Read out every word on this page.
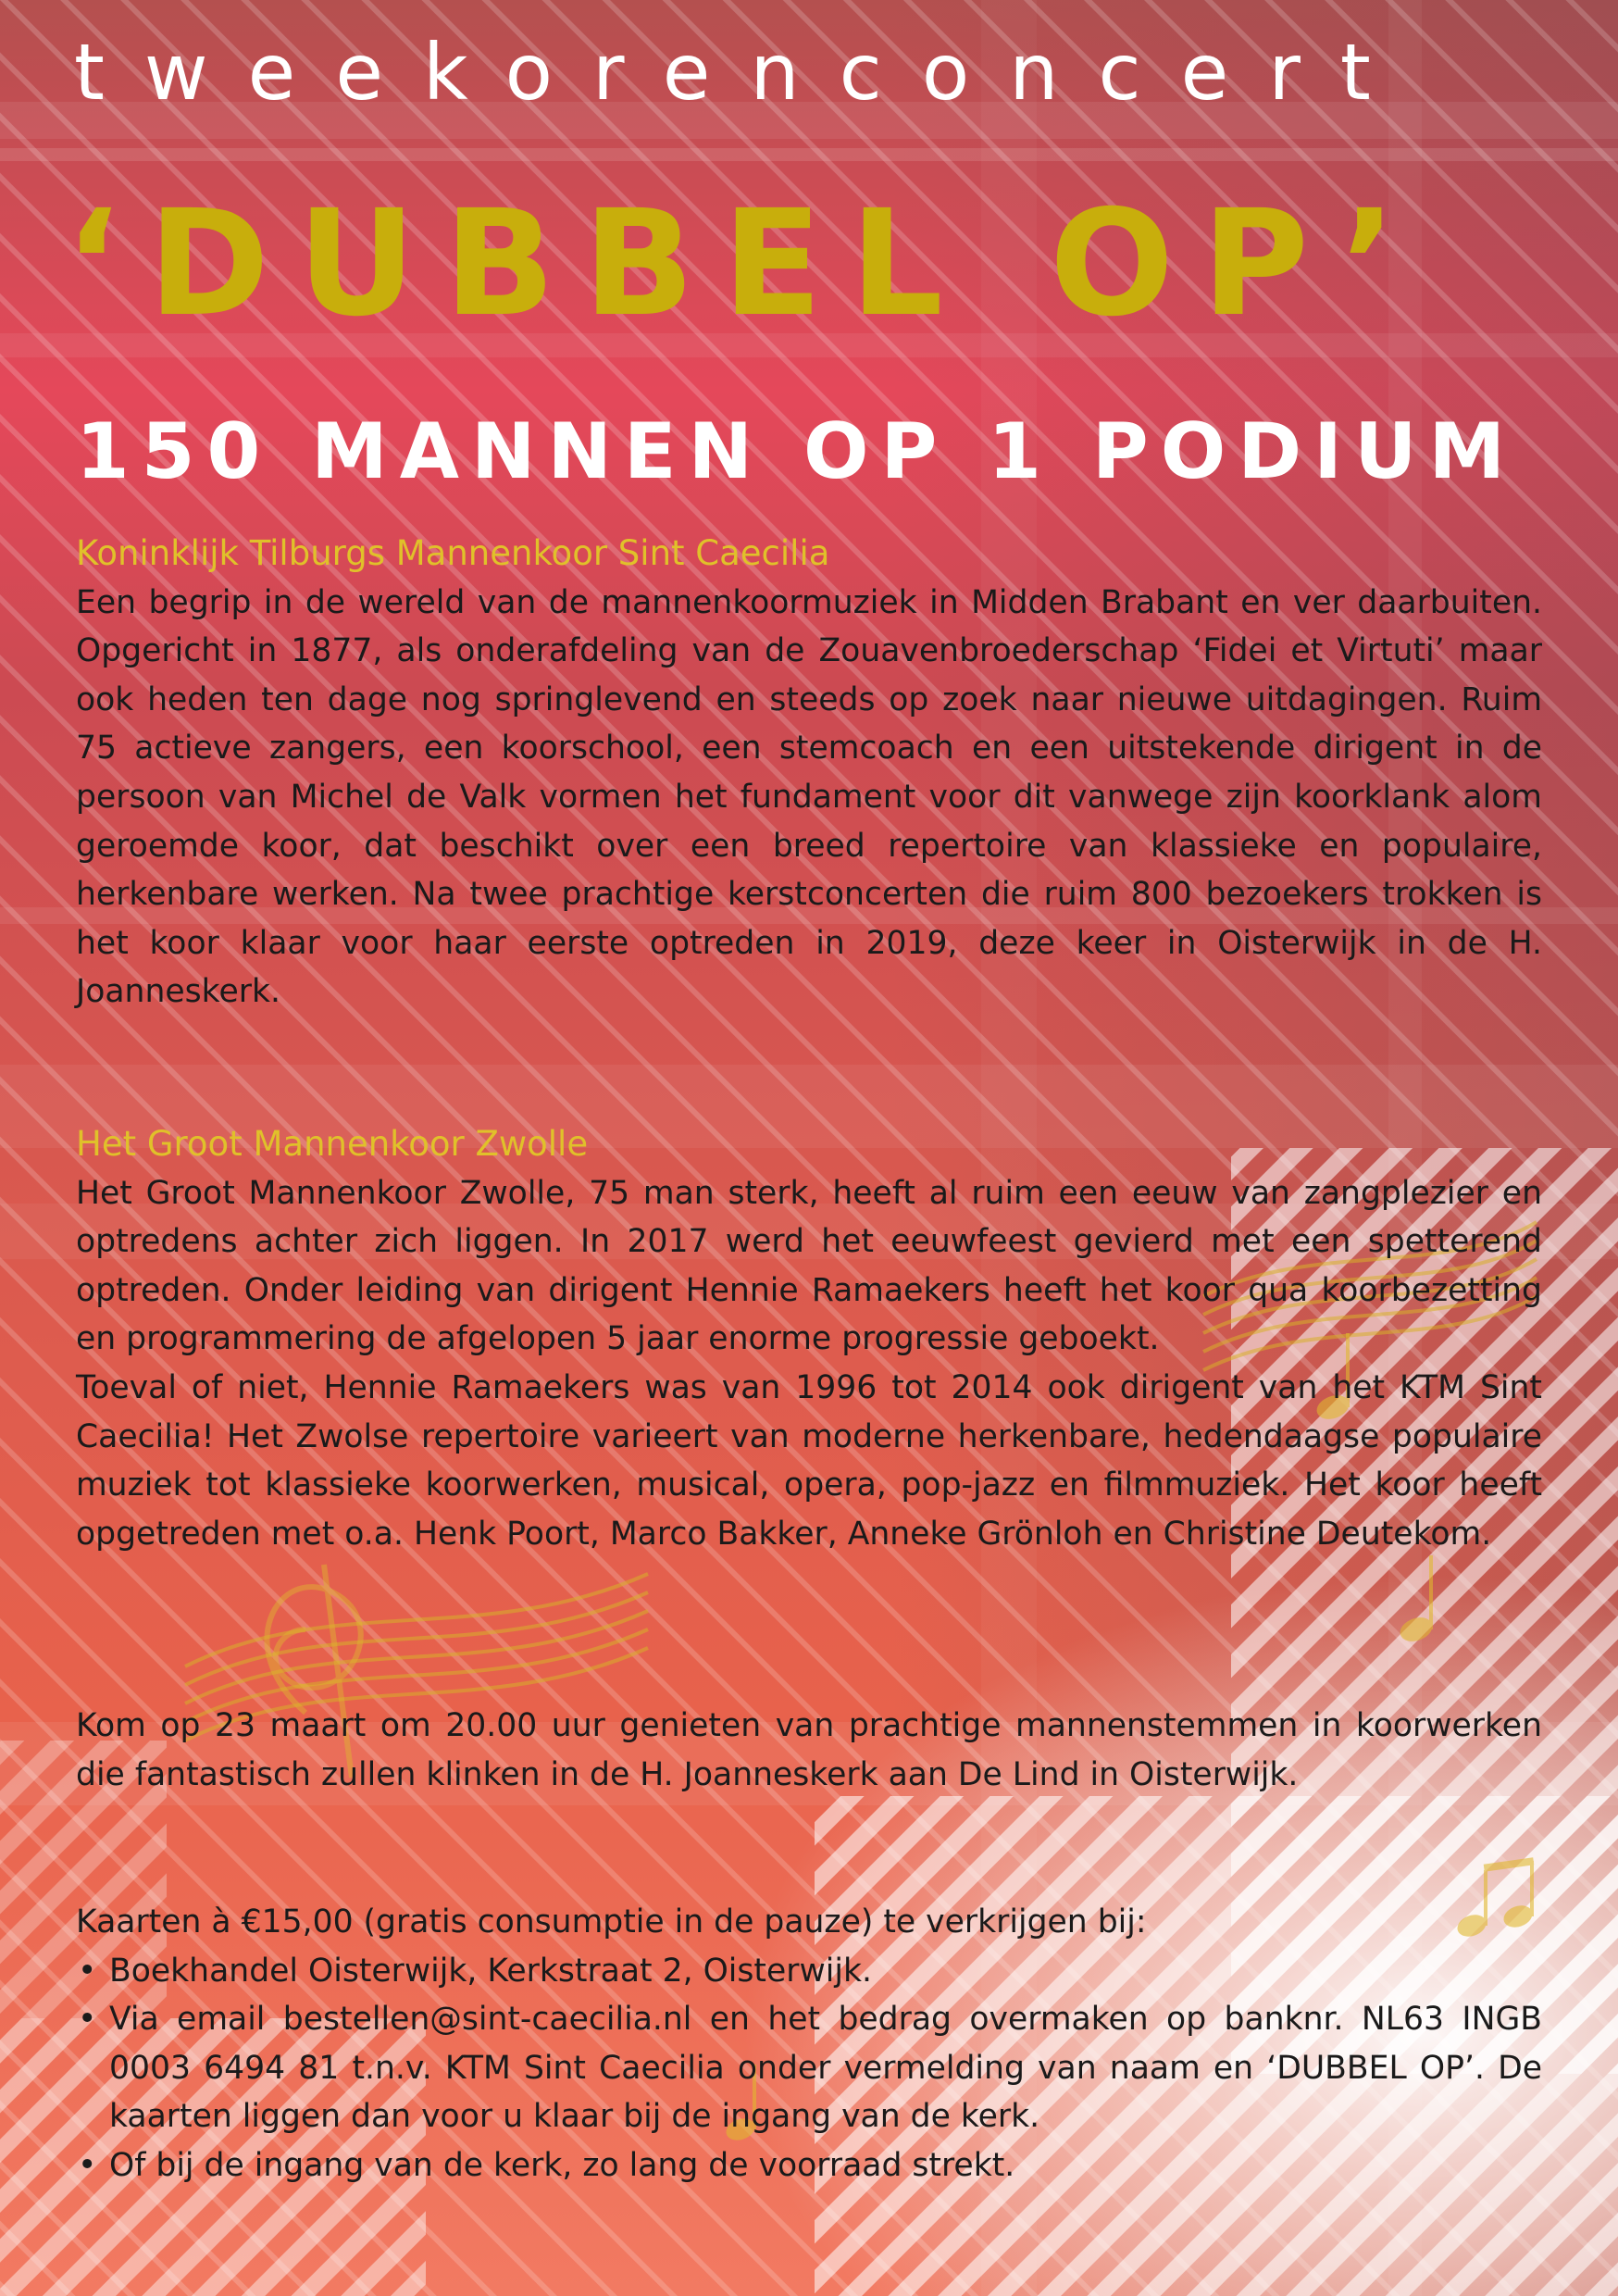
tweekorenconcert
‘DUBBEL OP’
150 MANNEN OP 1 PODIUM
Koninklijk Tilburgs Mannenkoor Sint Caecilia

Een begrip in de wereld van de mannenkoormuziek in Midden Brabant en ver daarbuiten. Opgericht in 1877, als onderafdeling van de Zouavenbroederschap ‘Fidei et Virtuti’ maar ook heden ten dage nog springlevend en steeds op zoek naar nieuwe uitdagingen. Ruim 75 actieve zangers, een koorschool, een stemcoach en een uitstekende dirigent in de persoon van Michel de Valk vormen het fundament voor dit vanwege zijn koorklank alom geroemde koor, dat beschikt over een breed repertoire van klassieke en populaire, herkenbare werken. Na twee prachtige kerstconcerten die ruim 800 bezoekers trokken is het koor klaar voor haar eerste optreden in 2019, deze keer in Oisterwijk in de H. Joanneskerk.

Het Groot Mannenkoor Zwolle

Het Groot Mannenkoor Zwolle, 75 man sterk, heeft al ruim een eeuw van zangplezier en optredens achter zich liggen. In 2017 werd het eeuwfeest gevierd met een spetterend optreden. Onder leiding van dirigent Hennie Ramaekers heeft het koor qua koorbezetting en programmering de afgelopen 5 jaar enorme progressie geboekt.

Toeval of niet, Hennie Ramaekers was van 1996 tot 2014 ook dirigent van het KTM Sint Caecilia! Het Zwolse repertoire varieert van moderne herkenbare, hedendaagse populaire muziek tot klassieke koorwerken, musical, opera, pop-jazz en filmmuziek. Het koor heeft opgetreden met o.a. Henk Poort, Marco Bakker, Anneke Grönloh en Christine Deutekom.

Kom op 23 maart om 20.00 uur genieten van prachtige mannenstemmen in koorwerken die fantastisch zullen klinken in de H. Joanneskerk aan De Lind in Oisterwijk.

Kaarten à €15,00 (gratis consumptie in de pauze) te verkrijgen bij:

• Boekhandel Oisterwijk, Kerkstraat 2, Oisterwijk.
• Via email bestellen@sint-caecilia.nl en het bedrag overmaken op banknr. NL63 INGB 0003 6494 81 t.n.v. KTM Sint Caecilia onder vermelding van naam en ‘DUBBEL OP’. De kaarten liggen dan voor u klaar bij de ingang van de kerk.
• Of bij de ingang van de kerk, zo lang de voorraad strekt.
